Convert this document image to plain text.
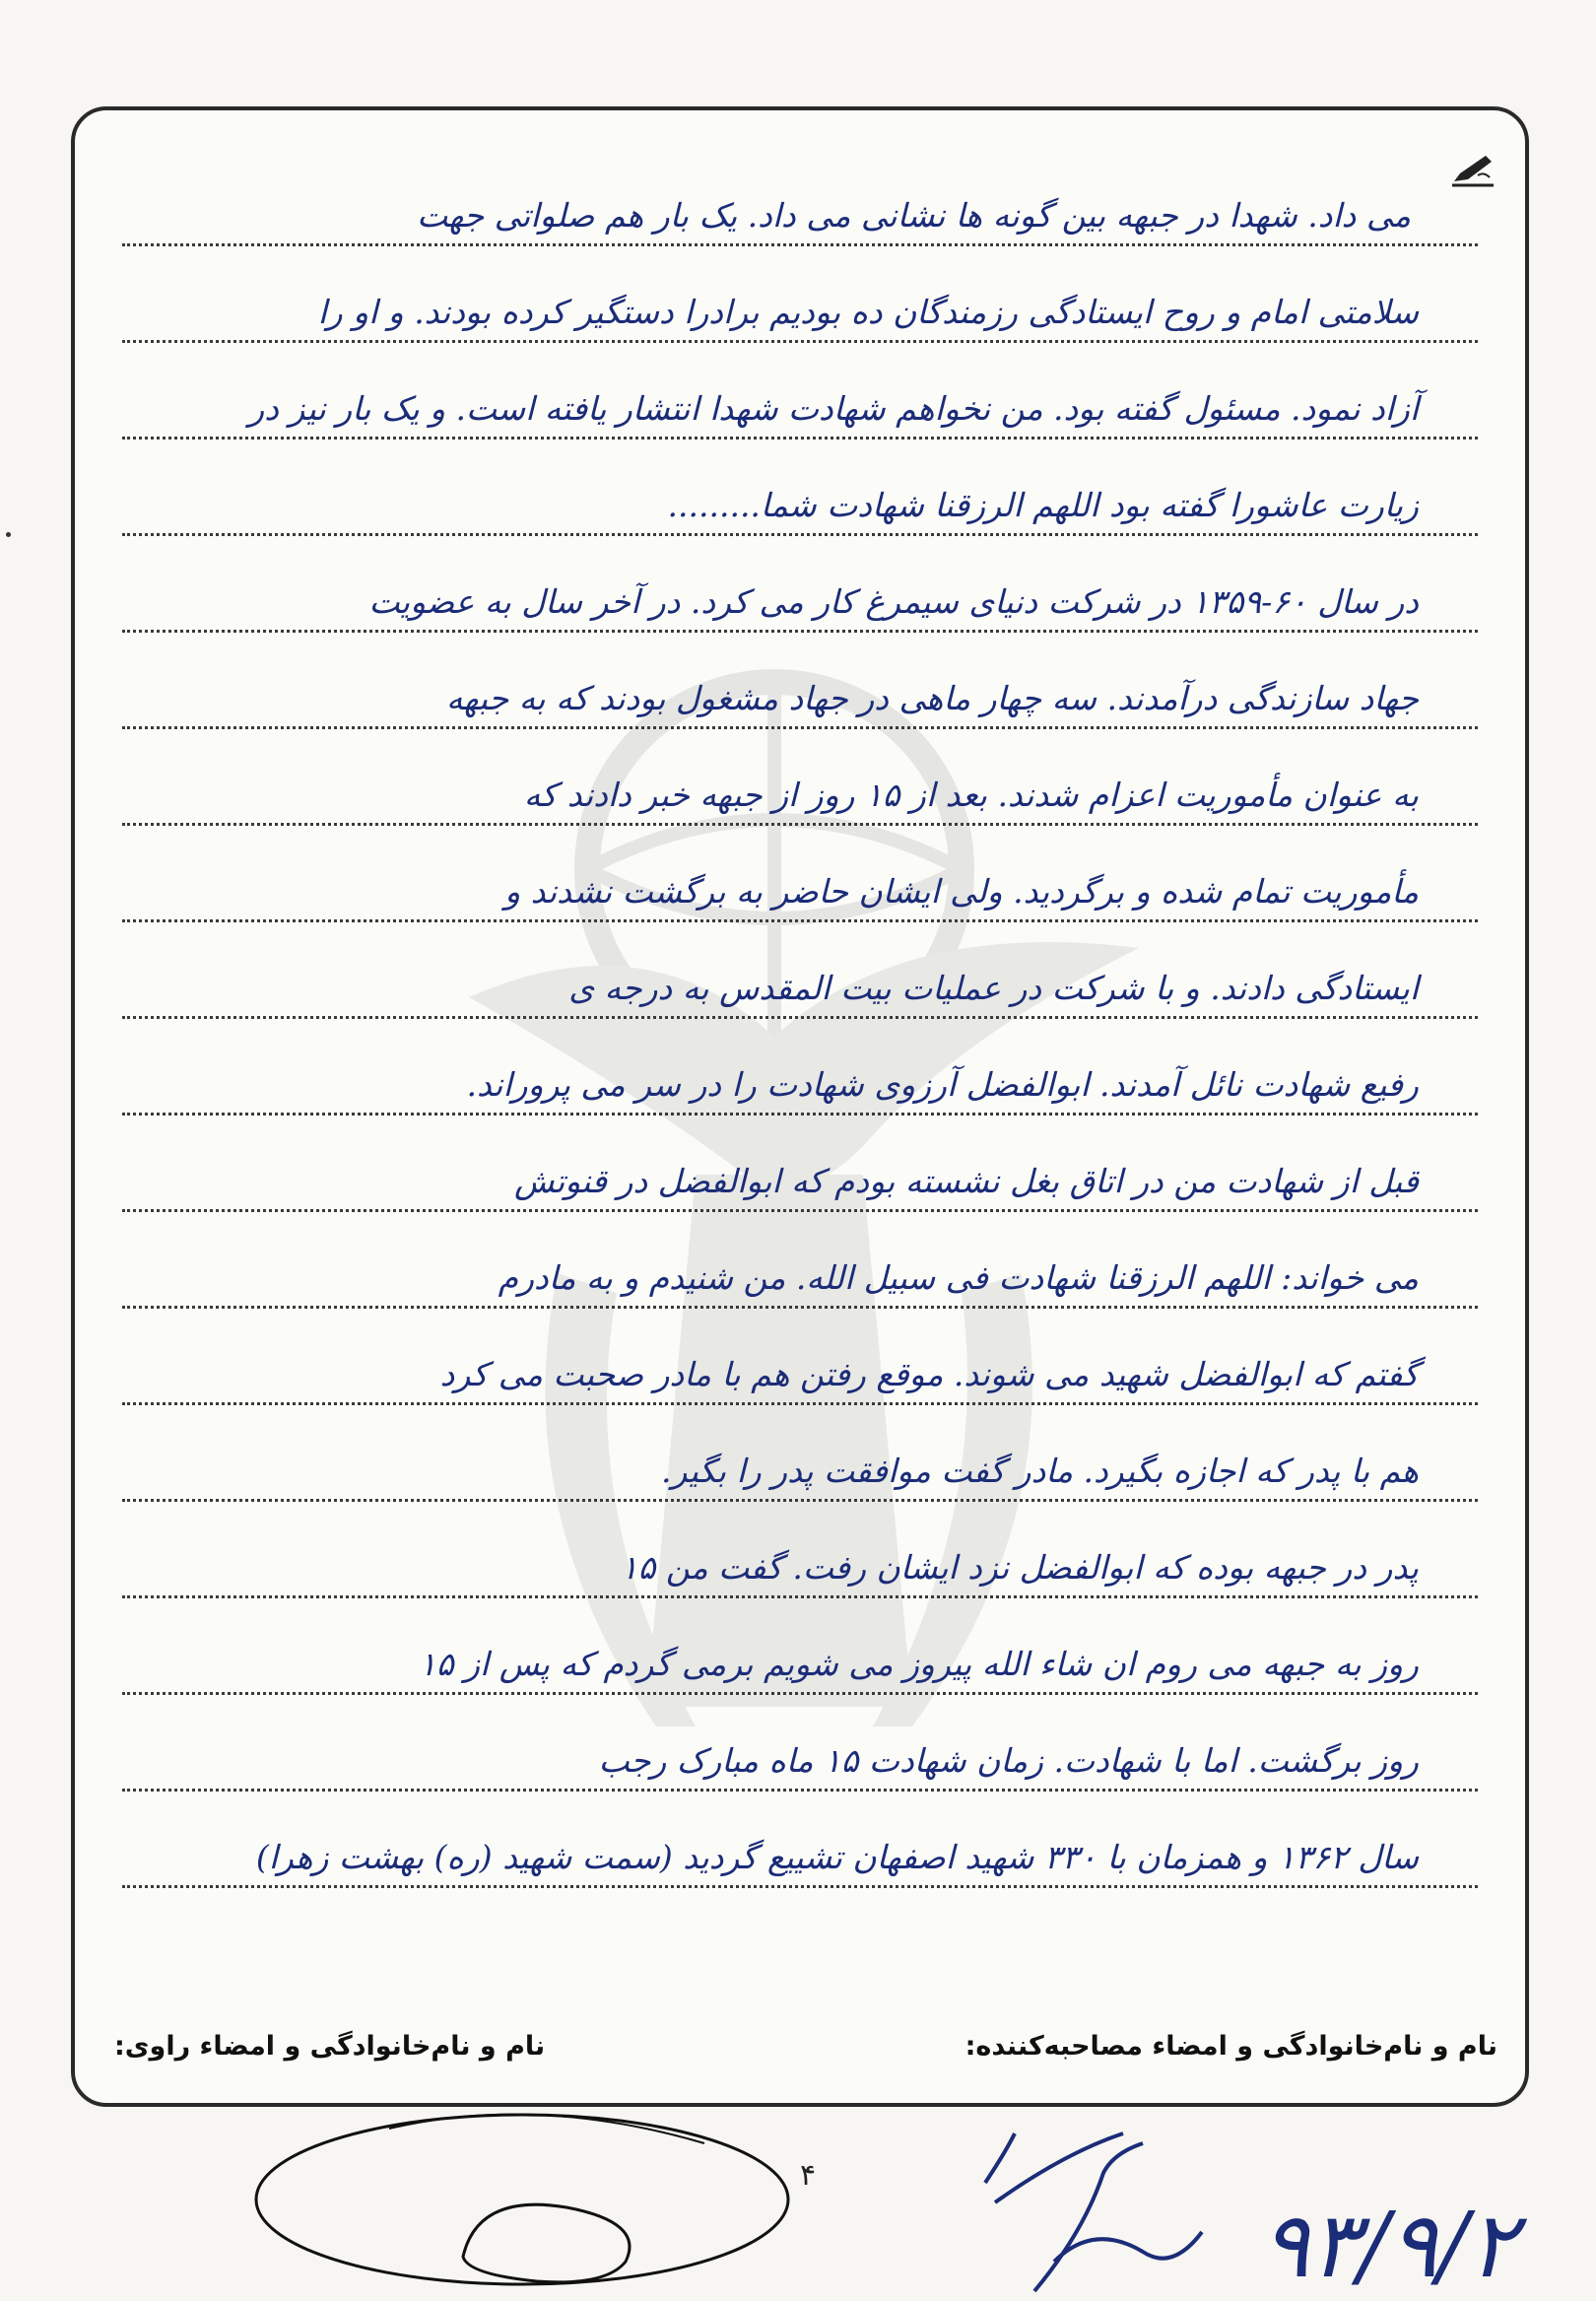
می داد. شهدا در جبهه بین گونه ها نشانی می داد. یک بار هم صلواتی جهت
سلامتی امام و روح ایستادگی رزمندگان ده بودیم برادرا دستگیر کرده بودند. و او را
آزاد نمود. مسئول گفته بود. من نخواهم شهادت شهدا انتشار یافته است. و یک بار نیز در
زیارت عاشورا گفته بود اللهم الرزقنا شهادت شما.........
در سال ۶۰-۱۳۵۹ در شرکت دنیای سیمرغ کار می کرد. در آخر سال به عضویت
جهاد سازندگی درآمدند. سه چهار ماهی در جهاد مشغول بودند که به جبهه
به عنوان مأموریت اعزام شدند. بعد از ۱۵ روز از جبهه خبر دادند که
مأموریت تمام شده و برگردید. ولی ایشان حاضر به برگشت نشدند و
ایستادگی دادند. و با شرکت در عملیات بیت المقدس به درجه ی
رفیع شهادت نائل آمدند. ابوالفضل آرزوی شهادت را در سر می پروراند.
قبل از شهادت من در اتاق بغل نشسته بودم که ابوالفضل در قنوتش
می خواند: اللهم الرزقنا شهادت فی سبیل الله. من شنیدم و به مادرم
گفتم که ابوالفضل شهید می شوند. موقع رفتن هم با مادر صحبت می کرد
هم با پدر که اجازه بگیرد. مادر گفت موافقت پدر را بگیر.
پدر در جبهه بوده که ابوالفضل نزد ایشان رفت. گفت من ۱۵
روز به جبهه می روم ان شاء الله پیروز می شویم برمی گردم که پس از ۱۵
روز برگشت. اما با شهادت. زمان شهادت ۱۵ ماه مبارک رجب
سال ۱۳۶۲ و همزمان با ۳۳۰ شهید اصفهان تشییع گردید (سمت شهید (ره) بهشت زهرا)
نام و نام‌خانوادگی و امضاء مصاحبه‌کننده:
نام و نام‌خانوادگی و امضاء راوی:
۴
۹۳/۹/۲
